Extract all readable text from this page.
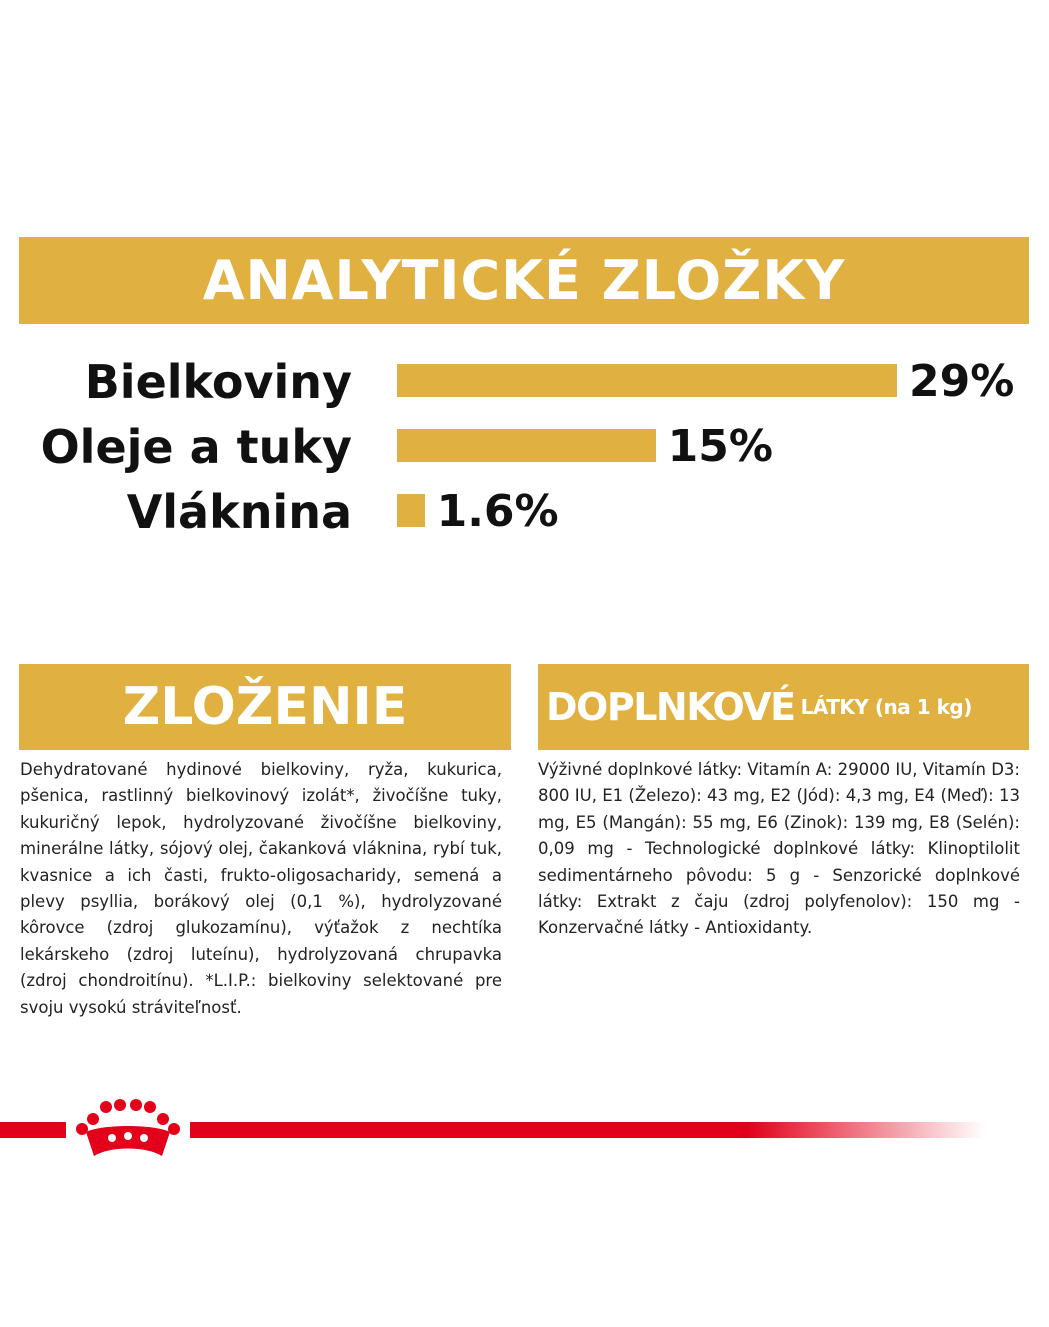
ANALYTICKÉ ZLOŽKY
Bielkoviny	29%
Oleje a tuky	15%
Vláknina 1.6%
ZLOŽENIE	DOPLNKOVÉ LÁTKY (na 1 kg)
Dehydratované hydinové bielkoviny, ryža, kukurica, pšenica, rastlinný bielkovinový izolát*, živočíšne tuky, kukuričný lepok, hydrolyzované živočíšne bielkoviny, minerálne látky, sójový olej, čakanková vláknina, rybí tuk, kvasnice a ich časti, frukto-oligosacharidy, semená a plevy psyllia, borákový olej (0,1 %), hydrolyzované kôrovce (zdroj glukozamínu), výťažok z nechtíka lekárskeho (zdroj luteínu), hydrolyzovaná chrupavka (zdroj chondroitínu). *L.I.P.: bielkoviny selektované pre svoju vysokú stráviteľnosť.
Výživné doplnkové látky: Vitamín A: 29000 IU, Vitamín D3: 800 IU, E1 (Železo): 43 mg, E2 (Jód): 4,3 mg, E4 (Meď): 13 mg, E5 (Mangán): 55 mg, E6 (Zinok): 139 mg, E8 (Selén): 0,09 mg - Technologické doplnkové látky: Klinoptilolit sedimentárneho pôvodu: 5 g - Senzorické doplnkové látky: Extrakt z čaju (zdroj polyfenolov): 150 mg - Konzervačné látky - Antioxidanty.
